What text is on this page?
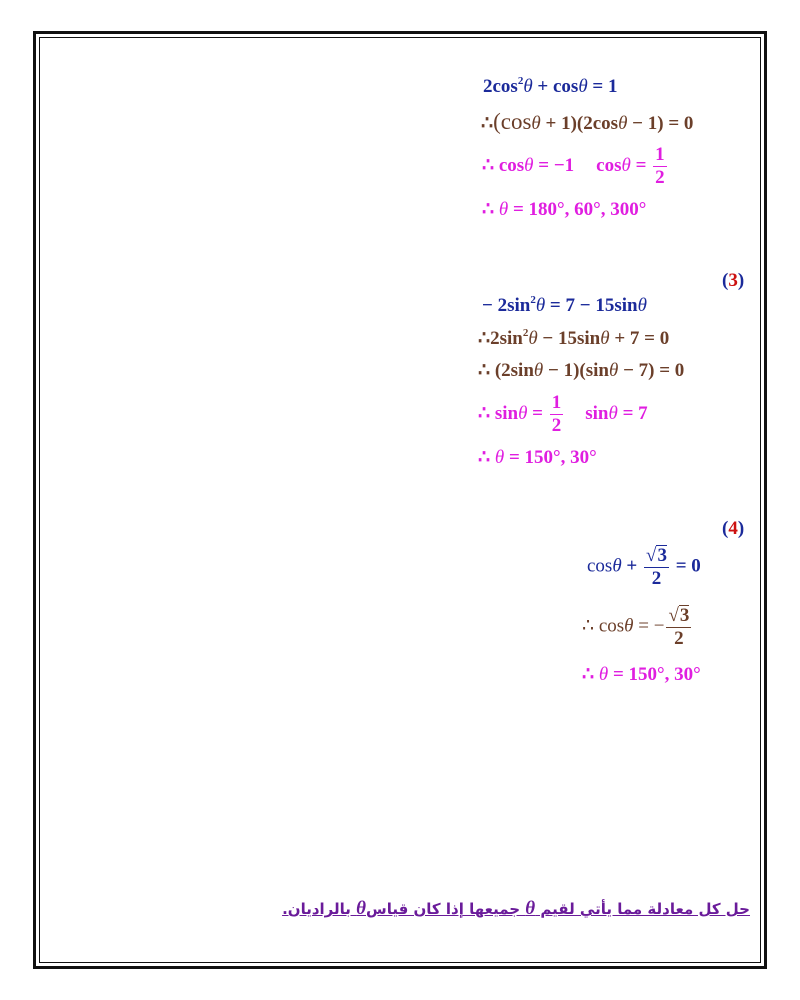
$2\cos^2\theta + \cos\theta = 1$
∴(cosθ + 1)(2cosθ − 1) = 0
∴ cosθ = −1 $\cos\theta = \frac{1}{2}$
∴ θ = 180°, 60°, 300°
(3)
− $2\sin^2\theta = 7 - 15\sin\theta$
$\therefore 2\sin^2\theta - 15\sin\theta + 7 = 0$
∴ (2sinθ − 1)(sinθ − 7) = 0
∴ $\sin\theta = \frac{1}{2}$ sinθ = 7
∴ θ = 150°, 30°
(4)
$\cos\theta + \frac{√3}{2} = 0$
∴ cosθ = − $\frac{√3}{2}$
∴ θ = 150°, 30°
حل كل معادلة مما يأتي لقيم θ جميعها إذا كان قياسθ بالراديان.
